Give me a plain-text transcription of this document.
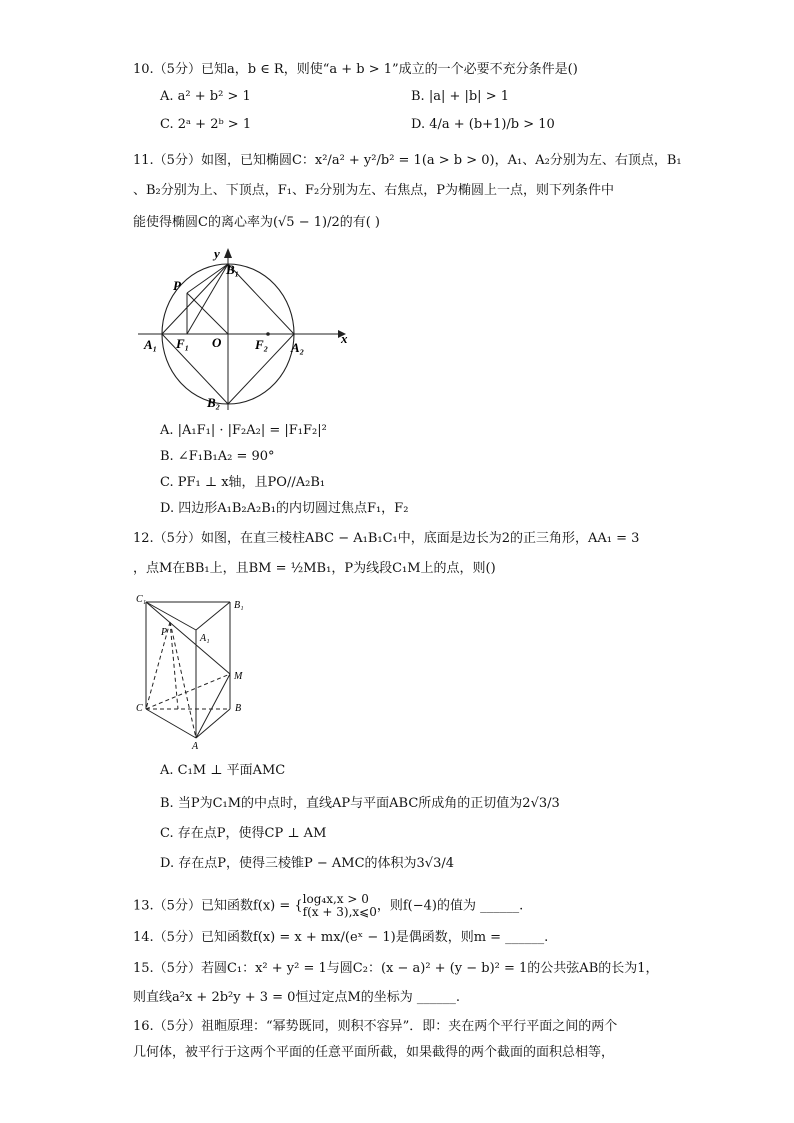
10.（5分）已知a，b ∈ R，则使“a + b > 1”成立的一个必要不充分条件是()
A. a² + b² > 1	B. |a| + |b| > 1
C. 2ᵃ + 2ᵇ > 1	D. 4/a + (b+1)/b > 10
11.（5分）如图，已知椭圆C：x²/a² + y²/b² = 1(a > b > 0)，A₁、A₂分别为左、右顶点，B₁
、B₂分别为上、下顶点，F₁、F₂分别为左、右焦点，P为椭圆上一点，则下列条件中
能使得椭圆C的离心率为(√5 − 1)/2的有( )
y
x
B₁
B₂
A₁	A₂
F₁	F₂
O
P
A. |A₁F₁| · |F₂A₂| = |F₁F₂|²
B. ∠F₁B₁A₂ = 90°
C. PF₁ ⊥ x轴，且PO//A₂B₁
D. 四边形A₁B₂A₂B₁的内切圆过焦点F₁，F₂
12.（5分）如图，在直三棱柱ABC − A₁B₁C₁中，底面是边长为2的正三角形，AA₁ = 3
，点M在BB₁上，且BM = ½MB₁，P为线段C₁M上的点，则()
C₁
B₁
A₁
P
M
C	B
A
A. C₁M ⊥ 平面AMC
B. 当P为C₁M的中点时，直线AP与平面ABC所成角的正切值为2√3/3
C. 存在点P，使得CP ⊥ AM
D. 存在点P，使得三棱锥P − AMC的体积为3√3/4
13.（5分）已知函数f(x) = { log₄x,x > 0
f(x + 3),x⩽0 ，则f(−4)的值为 ______.
14.（5分）已知函数f(x) = x + mx/(eˣ − 1)是偶函数，则m = ______.
15.（5分）若圆C₁：x² + y² = 1与圆C₂：(x − a)² + (y − b)² = 1的公共弦AB的长为1，
则直线a²x + 2b²y + 3 = 0恒过定点M的坐标为 ______.
16.（5分）祖暅原理：“幂势既同，则积不容异”．即：夹在两个平行平面之间的两个
几何体，被平行于这两个平面的任意平面所截，如果截得的两个截面的面积总相等，
